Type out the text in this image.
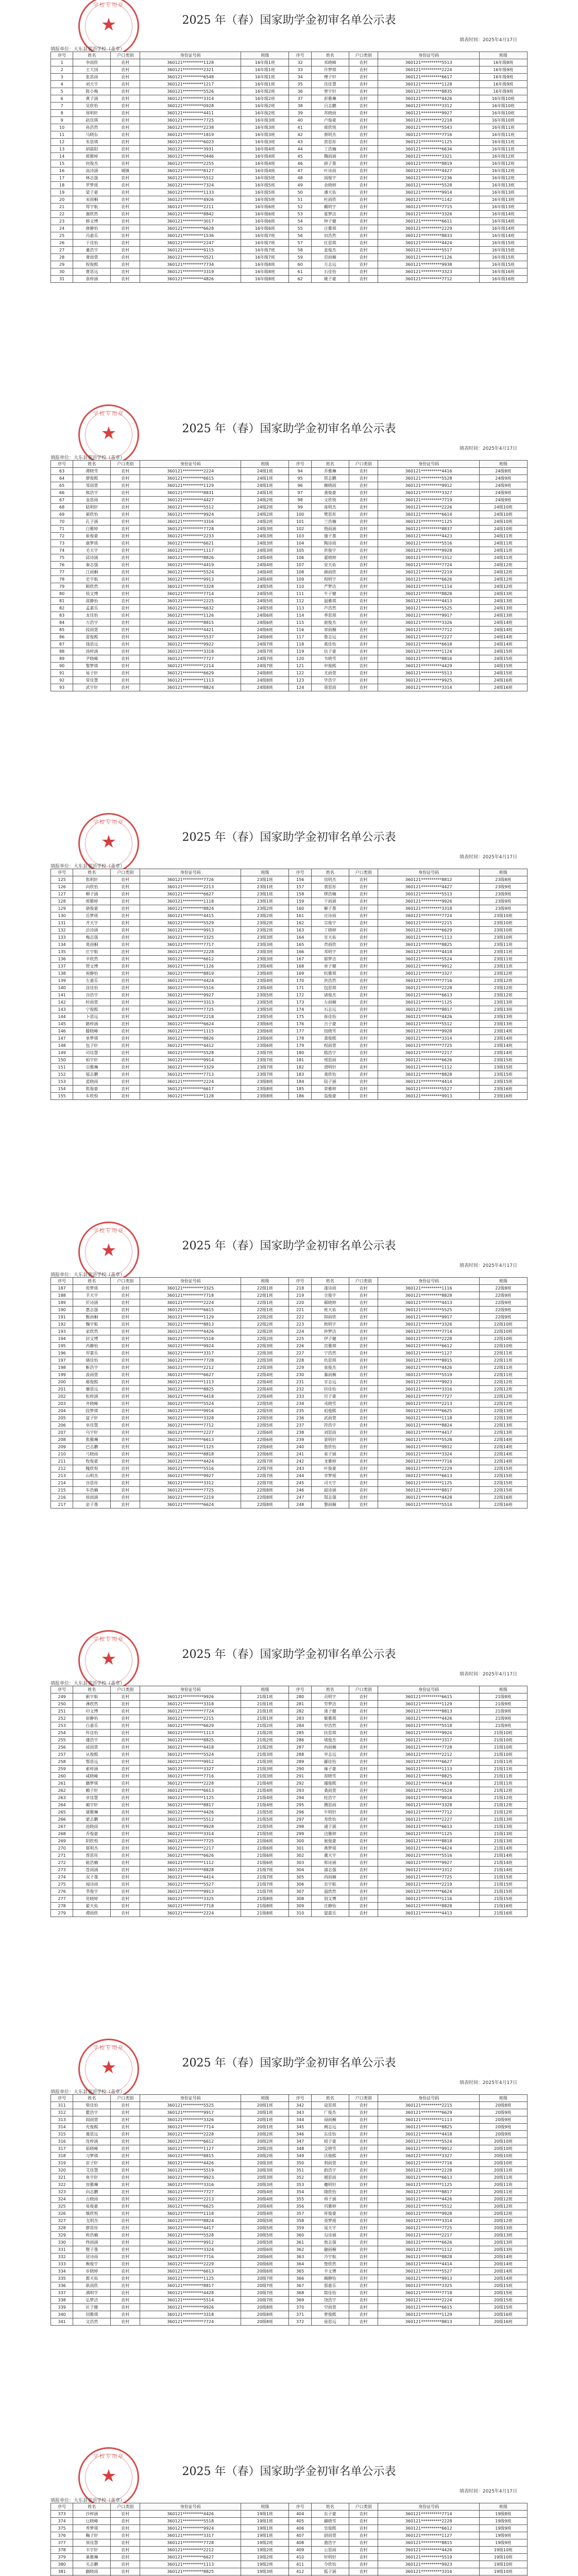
学校专用章
★	2025 年（春）国家助学金初审名单公示表
填表时间：2025年4月17日
填报单位：大东县蒙语学校（盖章）
序号	姓名	户口类别	身份证号码	班级	序号	姓名	户口类别	身份证号码	班级
1	李雨欣	农村	360121**********1128	16年级1班	32	邓晓峰	农村	360121**********5513	16年级8班
2	王大国	农村	360121**********2321	16年级1班	33	许梦琪	农村	360121**********2224	16年级9班
3	张思雨	农村	360121**********6548	16年级1班	34	傅子轩	农村	360121**********6617	16年级9班
4	刘天宇	农村	360121**********1217	16年级1班	35	沈佳慧	农村	360121**********1128	16年级9班
5	陈小梅	农村	360121**********5526	16年级2班	36	曾宇轩	农村	360121**********8835	16年级9班
6	黄子涵	农村	360121**********3314	16年级2班	37	彭雅琳	农村	360121**********4426	16年级10班
7	吴欣怡	农村	360121**********0928	16年级2班	38	吕志鹏	农村	360121**********3312	16年级10班
8	周明轩	农村	360121**********4411	16年级2班	39	苏晓雨	农村	360121**********9927	16年级10班
9	赵佳琪	农村	360121**********7725	16年级3班	40	卢俊豪	农村	360121**********2218	16年级10班
10	孙浩然	农村	360121**********2238	16年级3班	41	蒋欣悦	农村	360121**********5543	16年级11班
11	马晓东	农村	360121**********1819	16年级3班	42	蔡明杰	农村	360121**********7716	16年级11班
12	朱思琪	农村	360121**********6023	16年级3班	43	贾思彤	农村	360121**********1125	16年级11班
13	胡晨阳	农村	360121**********3931	16年级4班	44	丁浩楠	农村	360121**********6634	16年级11班
14	郭雅婷	农村	360121**********0446	16年级4班	45	魏雨涵	农村	360121**********3321	16年级12班
15	何俊杰	农村	360121**********2255	16年级4班	46	薛子墨	农村	360121**********8819	16年级12班
16	高诗涵	城镇	360121**********8127	16年级4班	47	叶诗雨	农村	360121**********4427	16年级12班
17	林志强	农村	360121**********5512	16年级5班	48	阎俊宇	农村	360121**********2236	16年级12班
18	罗梦瑶	农村	360121**********7324	16年级5班	49	余晓婷	农村	360121**********5528	16年级13班
19	梁子豪	农村	360121**********1133	16年级5班	50	潘天佑	农村	360121**********9914	16年级13班
20	宋雨桐	农村	360121**********4926	16年级5班	51	杜雨欣	农村	360121**********1142	16年级13班
21	郑宇航	农村	360121**********2211	16年级6班	52	戴明宇	农村	360121**********7715	16年级13班
22	谢欣然	农村	360121**********8842	16年级6班	53	夏梦洁	农村	360121**********3326	16年级14班
23	韩文博	农村	360121**********3017	16年级6班	54	钟子健	农村	360121**********6611	16年级14班
24	唐静怡	农村	360121**********6628	16年级6班	55	汪雅琪	农村	360121**********2229	16年级14班
25	冯嘉乐	农村	360121**********1536	16年级7班	56	田浩然	农村	360121**********8833	16年级14班
26	于佳怡	农村	360121**********2247	16年级7班	57	任思琪	农村	360121**********4424	16年级15班
27	董浩宇	农村	360121**********9115	16年级7班	58	姜俊杰	农村	360121**********5517	16年级15班
28	萧雨萱	农村	360121**********0521	16年级7班	59	范雨桐	农村	360121**********1126	16年级15班
29	程俊熙	农村	360121**********7734	16年级8班	60	方志远	农村	360121**********9938	16年级15班
30	曹思远	农村	360121**********3319	16年级8班	61	石佳怡	农村	360121**********3323	16年级16班
31	袁梓涵	农村	360121**********4826	16年级8班	62	姚子豪	农村	360121**********7712	16年级16班
学校专用章
★	2025 年（春）国家助学金初审名单公示表
填表时间：2025年4月17日
填报单位：大东县蒙语学校（盖章）
序号	姓名	户口类别	身份证号码	班级	序号	姓名	户口类别	身份证号码	班级
63	谭晓雪	农村	360121**********2224	24级1班	94	乔雅琳	农村	360121**********4416	24级8班
64	廖俊熙	农村	360121**********6615	24级1班	95	贺志鹏	农村	360121**********5528	24级9班
65	邹雨萱	农村	360121**********1129	24级1班	96	赖晓雨	农村	360121**********9912	24级9班
66	熊浩宇	农村	360121**********8831	24级1班	97	龚俊豪	农村	360121**********3327	24级9班
67	金思雨	农村	360121**********4427	24级2班	98	文欣悦	农村	360121**********7719	24级9班
68	陆明轩	农村	360121**********5512	24级2班	99	庞明杰	农村	360121**********2226	24级10班
69	郝欣怡	农村	360121**********9924	24级2班	100	樊思彤	农村	360121**********6614	24级10班
70	孔子涵	农村	360121**********3316	24级2班	101	兰浩楠	农村	360121**********1125	24级10班
71	白雅婷	农村	360121**********7728	24级3班	102	殷雨涵	农村	360121**********8837	24级10班
72	崔俊豪	农村	360121**********2233	24级3班	103	施子墨	农村	360121**********4423	24级11班
73	康梦瑶	农村	360121**********6621	24级3班	104	陶诗雨	农村	360121**********5516	24级11班
74	毛天宇	农村	360121**********1117	24级3班	105	洪俊宇	农村	360121**********9928	24级11班
75	邱诗涵	农村	360121**********8826	24级4班	106	翟晓婷	农村	360121**********3312	24级11班
76	秦志强	农村	360121**********4419	24级4班	107	安天佑	农村	360121**********7724	24级12班
77	江雨桐	农村	360121**********5524	24级4班	108	颜雨欣	农村	360121**********2219	24级12班
78	史宇航	农村	360121**********9913	24级4班	109	倪明宇	农村	360121**********6626	24级12班
79	顾欣然	农村	360121**********3328	24级5班	110	严梦洁	农村	360121**********1114	24级12班
80	侯文博	农村	360121**********7714	24级5班	111	牛子健	农村	360121**********8828	24级13班
81	邵静怡	农村	360121**********2225	24级5班	112	温雅琪	农村	360121**********4413	24级13班
82	孟嘉乐	农村	360121**********6632	24级5班	113	芦浩然	农村	360121**********5525	24级13班
83	龙佳怡	农村	360121**********1126	24级6班	114	季思琪	农村	360121**********9917	24级13班
84	万浩宇	农村	360121**********8815	24级6班	115	俞俊杰	农村	360121**********3326	24级14班
85	段雨萱	农村	360121**********4421	24级6班	116	章雨桐	农村	360121**********7712	24级14班
86	雷俊熙	农村	360121**********5537	24级6班	117	鲁志远	农村	360121**********2227	24级14班
87	钱思远	农村	360121**********9922	24级7班	118	葛佳怡	农村	360121**********6618	24级14班
88	汤梓涵	农村	360121**********3318	24级7班	119	伍子豪	农村	360121**********1124	24级15班
89	尹晓峰	农村	360121**********7727	24级7班	120	韦晓雪	农村	360121**********8816	24级15班
90	黎梦琪	农村	360121**********2214	24级7班	121	申俊熙	农村	360121**********4429	24级15班
91	易子轩	农村	360121**********6629	24级8班	122	尤雨萱	农村	360121**********5513	24级15班
92	常佳慧	农村	360121**********1113	24级8班	123	毕浩宇	农村	360121**********9925	24级16班
93	武宇轩	农村	360121**********8824	24级8班	124	聂思雨	农村	360121**********3314	24级16班
学校专用章
★	2025 年（春）国家助学金初审名单公示表
填表时间：2025年4月17日
填报单位：大东县蒙语学校（盖章）
序号	姓名	户口类别	身份证号码	班级	序号	姓名	户口类别	身份证号码	班级
125	焦明轩	农村	360121**********7726	23级1班	156	房明杰	农村	360121**********8812	23级8班
126	向欣怡	农村	360121**********2213	23级1班	157	裘思彤	农村	360121**********4427	23级9班
127	柳子涵	农村	360121**********6627	23级1班	158	缪浩楠	农村	360121**********5513	23级9班
128	邢雅婷	农村	360121**********1118	23级1班	159	干雨涵	农村	360121**********9926	23级9班
129	骆俊豪	农村	360121**********8824	23级2班	160	解子墨	农村	360121**********3318	23级9班
130	岳梦瑶	农村	360121**********4415	23级2班	161	应诗雨	农村	360121**********7724	23级10班
131	齐天宇	农村	360121**********5529	23级2班	162	宗俊宇	农村	360121**********2215	23级10班
132	沿诗涵	农村	360121**********9913	23级2班	163	丁晓婷	农村	360121**********6629	23级10班
133	梅志强	农村	360121**********3325	23级3班	164	宣天佑	农村	360121**********1113	23级10班
134	莫雨桐	农村	360121**********7717	23级3班	165	贲雨欣	农村	360121**********8825	23级11班
135	庄宇航	农村	360121**********2228	23级3班	166	邓明宇	农村	360121**********4418	23级11班
136	辛欣然	农村	360121**********6612	23级3班	167	郁梦洁	农村	360121**********5524	23级11班
137	管文博	农村	360121**********1126	23级4班	168	单子健	农村	360121**********9912	23级11班
138	祝静怡	农村	360121**********8819	23级4班	169	杭雅琪	农村	360121**********3327	23级12班
139	左嘉乐	农村	360121**********4424	23级4班	170	洪浩然	农村	360121**********7716	23级12班
140	涂佳怡	农村	360121**********5516	23级4班	171	包思琪	农村	360121**********2228	23级12班
141	谷浩宇	农村	360121**********9927	23级5班	172	诸俊杰	农村	360121**********6613	23级12班
142	时雨萱	农村	360121**********3313	23级5班	173	左雨桐	农村	360121**********1125	23级13班
143	宁俊熙	农村	360121**********7725	23级5班	174	石志远	农村	360121**********8817	23级13班
144	卜思远	农村	360121**********2218	23级5班	175	崔佳怡	农村	360121**********4426	23级13班
145	路梓涵	农村	360121**********6624	23级6班	176	吉子豪	农村	360121**********5512	23级13班
146	滕晓峰	农村	360121**********1115	23级6班	177	钮晓雪	农村	360121**********9928	23级14班
147	单梦琪	农村	360121**********8826	23级6班	178	龚俊熙	农村	360121**********3314	23级14班
148	包子轩	农村	360121**********4412	23级6班	179	程雨萱	农村	360121**********7725	23级14班
149	司佳慧	农村	360121**********5528	23级7班	180	嵇浩宇	农村	360121**********2217	23级14班
150	柏宇轩	农村	360121**********9914	23级7班	181	邢思雨	农村	360121**********6626	23级15班
151	宗雅琳	农村	360121**********3329	23级7班	182	滑明轩	农村	360121**********1112	23级15班
152	邬志鹏	农村	360121**********7713	23级7班	183	裴欣怡	农村	360121**********8828	23级15班
153	蓝晓雨	农村	360121**********2224	23级8班	184	陆子涵	农村	360121**********4414	23级15班
154	焦俊豪	农村	360121**********6617	23级8班	185	荣雅婷	农村	360121**********5527	23级16班
155	车欣悦	农村	360121**********1128	23级8班	186	翁俊豪	农村	360121**********9913	23级16班
学校专用章
★	2025 年（春）国家助学金初审名单公示表
填表时间：2025年4月17日
填报单位：大东县蒙语学校（盖章）
序号	姓名	户口类别	身份证号码	班级	序号	姓名	户口类别	身份证号码	班级
187	荀梦瑶	农村	360121**********3325	22级1班	218	蓬诗雨	农村	360121**********1116	22级8班
188	羊天宇	农村	360121**********7718	22级1班	219	全俊宇	农村	360121**********8828	22级9班
189	於诗涵	农村	360121**********2224	22级1班	220	郗晓婷	农村	360121**********4413	22级9班
190	惠志强	农村	360121**********6615	22级1班	221	班天佑	农村	360121**********5525	22级9班
191	甄雨桐	农村	360121**********1129	22级2班	222	仰雨欣	农村	360121**********9917	22级9班
192	麴宇航	农村	360121**********8813	22级2班	223	秋明宇	农村	360121**********3326	22级10班
193	家欣然	农村	360121**********4426	22级2班	224	仲梦洁	农村	360121**********7714	22级10班
194	封文博	农村	360121**********5518	22级2班	225	伊子健	农村	360121**********2228	22级10班
195	芮静怡	农村	360121**********9924	22级3班	226	宫雅琪	农村	360121**********6612	22级10班
196	羿嘉乐	农村	360121**********3317	22级3班	227	宁浩然	农村	360121**********1127	22级11班
197	储佳怡	农村	360121**********7728	22级3班	228	仇思琪	农村	360121**********8815	22级11班
198	靳浩宇	农村	360121**********2212	22级3班	229	栾俊杰	农村	360121**********4426	22级11班
199	汲雨萱	农村	360121**********6627	22级4班	230	暴雨桐	农村	360121**********5519	22级11班
200	邴俊熙	农村	360121**********1113	22级4班	231	甘志远	农村	360121**********9923	22级12班
201	糜思远	农村	360121**********8825	22级4班	232	钭佳怡	农村	360121**********3316	22级12班
202	松梓涵	农村	360121**********4418	22级4班	233	厉子豪	农村	360121**********7727	22级12班
203	井晓峰	农村	360121**********5524	22级5班	234	戎晓雪	农村	360121**********2213	22级12班
204	段梦琪	农村	360121**********9916	22级5班	235	祖俊熙	农村	360121**********6625	22级13班
205	富子轩	农村	360121**********3328	22级5班	236	武雨萱	农村	360121**********1118	22级13班
206	巫佳慧	农村	360121**********7712	22级5班	237	符浩宇	农村	360121**********8824	22级13班
207	乌宇轩	农村	360121**********2227	22级6班	238	刘思雨	农村	360121**********4417	22级13班
208	焦雅琳	农村	360121**********6613	22级6班	239	景明轩	农村	360121**********5528	22级14班
209	巴志鹏	农村	360121**********1125	22级6班	240	詹欣怡	农村	360121**********9912	22级14班
210	弓晓雨	农村	360121**********8818	22级6班	241	束子涵	农村	360121**********3324	22级14班
211	牧俊豪	农村	360121**********4424	22级7班	242	龙雅婷	农村	360121**********7716	22级14班
212	隗欣悦	农村	360121**********5516	22级7班	243	叶俊豪	农村	360121**********2229	22级15班
213	山明杰	农村	360121**********9927	22级7班	244	幸梦瑶	农村	360121**********6613	22级15班
214	谷思彤	农村	360121**********3312	22级7班	245	司天宇	农村	360121**********1125	22级15班
215	车浩楠	农村	360121**********7725	22级8班	246	韶诗涵	农村	360121**********8817	22级15班
216	侯雨涵	农村	360121**********2219	22级8班	247	郜志强	农村	360121**********4428	22级16班
217	宓子墨	农村	360121**********6624	22级8班	248	黎雨桐	农村	360121**********5514	22级16班
学校专用章
★	2025 年（春）国家助学金初审名单公示表
填表时间：2025年4月17日
填报单位：大东县蒙语学校（盖章）
序号	姓名	户口类别	身份证号码	班级	序号	姓名	户口类别	身份证号码	班级
249	蓟宇航	农村	360121**********9926	21级1班	280	贡明宇	农村	360121**********6615	21级8班
250	薄欣然	农村	360121**********3318	21级1班	281	劳梦洁	农村	360121**********1129	21级9班
251	印文博	农村	360121**********7724	21级1班	282	逄子健	农村	360121**********8813	21级9班
252	宿静怡	农村	360121**********2215	21级1班	283	姬雅琪	农村	360121**********4426	21级9班
253	白嘉乐	农村	360121**********6629	21级2班	284	申浩然	农村	360121**********5518	21级9班
254	怀佳怡	农村	360121**********1113	21级2班	285	扶思琪	农村	360121**********9924	21级10班
255	蒲浩宇	农村	360121**********8825	21级2班	286	堵俊杰	农村	360121**********3317	21级10班
256	邰雨萱	农村	360121**********4418	21级2班	287	冉雨桐	农村	360121**********7728	21级10班
257	从俊熙	农村	360121**********5524	21级3班	288	宰志远	农村	360121**********2212	21级10班
258	鄂思远	农村	360121**********9912	21级3班	289	郦佳怡	农村	360121**********6627	21级11班
259	索梓涵	农村	360121**********3327	21级3班	290	雍子豪	农村	360121**********1113	21级11班
260	咸晓峰	农村	360121**********7716	21级3班	291	却晓雪	农村	360121**********8825	21级11班
261	籍梦琪	农村	360121**********2228	21级4班	292	璩俊熙	农村	360121**********4418	21级11班
262	赖子轩	农村	360121**********6613	21级4班	293	桑雨萱	农村	360121**********5524	21级12班
263	卓佳慧	农村	360121**********1125	21级4班	294	桂浩宇	农村	360121**********9916	21级12班
264	蔺宇轩	农村	360121**********8817	21级4班	295	濮思雨	农村	360121**********3328	21级12班
265	屠雅琳	农村	360121**********4426	21级5班	296	牛明轩	农村	360121**********7712	21级12班
266	蒙志鹏	农村	360121**********5512	21级5班	297	寿欣怡	农村	360121**********2227	21级13班
267	池晓雨	农村	360121**********9928	21级5班	298	通子涵	农村	360121**********6613	21级13班
268	乔俊豪	农村	360121**********3314	21级5班	299	边雅婷	农村	360121**********1125	21级13班
269	阴欣悦	农村	360121**********7725	21级6班	300	扈俊豪	农村	360121**********8818	21级13班
270	郁明杰	农村	360121**********2217	21级6班	301	燕梦瑶	农村	360121**********4424	21级14班
271	胥思彤	农村	360121**********6626	21级6班	302	冀天宇	农村	360121**********5516	21级14班
272	能浩楠	农村	360121**********1112	21级6班	303	郏诗涵	农村	360121**********9927	21级14班
273	苍雨涵	农村	360121**********8828	21级7班	304	浦志强	农村	360121**********3312	21级14班
274	双子墨	农村	360121**********4414	21级7班	305	尚雨桐	农村	360121**********7725	21级15班
275	闻诗雨	农村	360121**********5527	21级7班	306	农宇航	农村	360121**********2219	21级15班
276	莘俊宇	农村	360121**********9913	21级7班	307	温欣然	农村	360121**********6624	21级15班
277	党晓婷	农村	360121**********3325	21级8班	308	别文博	农村	360121**********1116	21级15班
278	翟天佑	农村	360121**********7718	21级8班	309	庄静怡	农村	360121**********8828	21级16班
279	谭雨欣	农村	360121**********2224	21级8班	310	晏嘉乐	农村	360121**********4413	21级16班
学校专用章
★	2025 年（春）国家助学金初审名单公示表
填表时间：2025年4月17日
填报单位：大东县蒙语学校（盖章）
序号	姓名	户口类别	身份证号码	班级	序号	姓名	户口类别	身份证号码	班级
311	柴佳怡	农村	360121**********5525	20级1班	342	寇思琪	农村	360121**********2215	20级8班
312	瞿浩宇	农村	360121**********9917	20级1班	343	广俊杰	农村	360121**********6629	20级9班
313	阎雨萱	农村	360121**********3326	20级1班	344	禄雨桐	农村	360121**********1113	20级9班
314	充俊熙	农村	360121**********7714	20级1班	345	阙志远	农村	360121**********8825	20级9班
315	慕思远	农村	360121**********2228	20级2班	346	东佳怡	农村	360121**********4418	20级9班
316	连梓涵	农村	360121**********6612	20级2班	347	殴子豪	农村	360121**********5524	20级10班
317	茹晓峰	农村	360121**********1127	20级2班	348	殳晓雪	农村	360121**********9912	20级10班
318	习梦琪	农村	360121**********8815	20级2班	349	沃俊熙	农村	360121**********3327	20级10班
319	宦子轩	农村	360121**********4426	20级3班	350	利雨萱	农村	360121**********7716	20级10班
320	艾佳慧	农村	360121**********5519	20级3班	351	蔚浩宇	农村	360121**********2228	20级11班
321	鱼宇轩	农村	360121**********9923	20级3班	352	越思雨	农村	360121**********6613	20级11班
322	容雅琳	农村	360121**********3316	20级3班	353	夔明轩	农村	360121**********1125	20级11班
323	向志鹏	农村	360121**********7727	20级4班	354	隆欣怡	农村	360121**********8817	20级11班
324	古晓雨	农村	360121**********2213	20级4班	355	师子涵	农村	360121**********4426	20级12班
325	易俊豪	农村	360121**********6625	20级4班	356	巩雅婷	农村	360121**********5512	20级12班
326	慎欣悦	农村	360121**********1118	20级4班	357	厍俊豪	农村	360121**********9928	20级12班
327	戈明杰	农村	360121**********8824	20级5班	358	聂梦瑶	农村	360121**********3314	20级12班
328	廖思彤	农村	360121**********4417	20级5班	359	晁天宇	农村	360121**********7725	20级13班
329	庾浩楠	农村	360121**********5528	20级5班	360	勾诗涵	农村	360121**********2217	20级13班
330	终雨涵	农村	360121**********9912	20级5班	361	敖志强	农村	360121**********6626	20级13班
331	暨子墨	农村	360121**********3324	20级6班	362	融雨桐	农村	360121**********1112	20级13班
332	居诗雨	农村	360121**********7716	20级6班	363	冷宇航	农村	360121**********8828	20级14班
333	衡俊宇	农村	360121**********2229	20级6班	364	訾欣然	农村	360121**********4414	20级14班
334	步晓婷	农村	360121**********6613	20级6班	365	辛文博	农村	360121**********5527	20级14班
335	都天佑	农村	360121**********1125	20级7班	366	阚静怡	农村	360121**********9913	20级14班
336	耿雨欣	农村	360121**********8817	20级7班	367	那嘉乐	农村	360121**********3325	20级15班
337	满明宇	农村	360121**********4428	20级7班	368	简佳怡	农村	360121**********7718	20级15班
338	弘梦洁	农村	360121**********5514	20级7班	369	饶浩宇	农村	360121**********2224	20级15班
339	匡子健	农村	360121**********9926	20级8班	370	空雨萱	农村	360121**********6615	20级15班
340	国雅琪	农村	360121**********3318	20级8班	371	曾俊熙	农村	360121**********1129	20级16班
341	文浩然	农村	360121**********7724	20级8班	372	毋思远	农村	360121**********8813	20级16班
学校专用章
★	2025 年（春）国家助学金初审名单公示表
填表时间：2025年4月17日
填报单位：大东县蒙语学校（盖章）
序号	姓名	户口类别	身份证号码	班级	序号	姓名	户口类别	身份证号码	班级
373	沙梓涵	农村	360121**********4426	19级1班	404	东子豪	农村	360121**********7714	19级8班
374	乜晓峰	农村	360121**********5518	19级1班	405	赫晓雪	农村	360121**********2228	19级9班
375	养梦琪	农村	360121**********9924	19级1班	406	皇俊熙	农村	360121**********6612	19级9班
376	鞠子轩	农村	360121**********3317	19级1班	407	尉雨萱	农村	360121**********1127	19级9班
377	须佳慧	农村	360121**********7728	19级2班	408	澹浩宇	农村	360121**********8815	19级9班
378	丰宇轩	农村	360121**********2212	19级2班	409	公思雨	农村	360121**********4426	19级10班
379	巢雅琳	农村	360121**********6627	19级2班	410	轩明轩	农村	360121**********5519	19级10班
380	关志鹏	农村	360121**********1113	19级2班	411	令欣怡	农村	360121**********9923	19级10班
381	蒯晓雨	农村	360121**********8825	19级3班	412	狐子涵	农村	360121**********3316	19级10班
